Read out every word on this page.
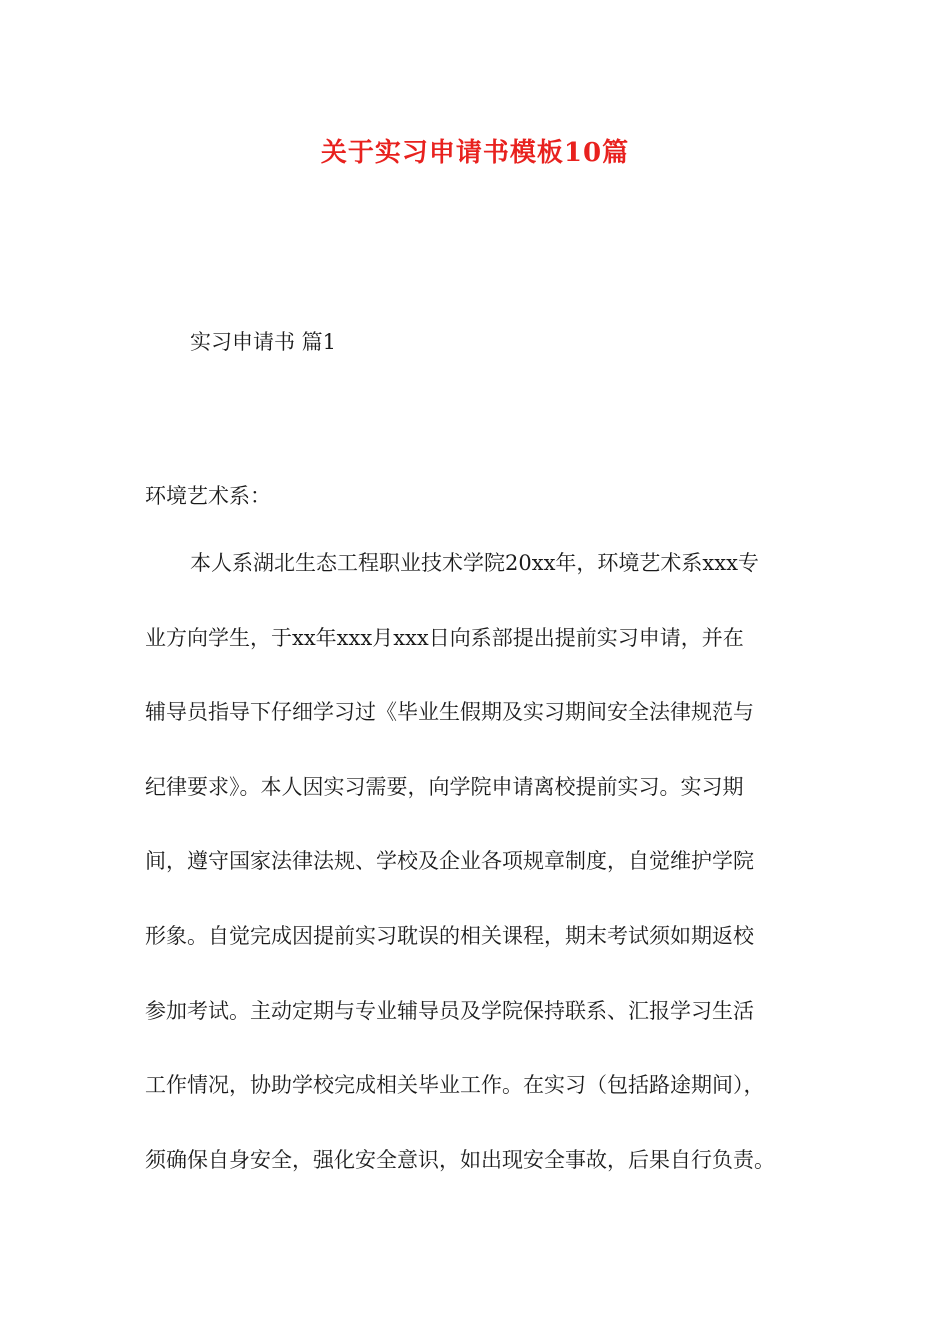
关于实习申请书模板10篇
实习申请书 篇1
环境艺术系：
本人系湖北生态工程职业技术学院20xx年，环境艺术系xxx专
业方向学生，于xx年xxx月xxx日向系部提出提前实习申请，并在
辅导员指导下仔细学习过《毕业生假期及实习期间安全法律规范与
纪律要求》。本人因实习需要，向学院申请离校提前实习。实习期
间，遵守国家法律法规、学校及企业各项规章制度，自觉维护学院
形象。自觉完成因提前实习耽误的相关课程，期末考试须如期返校
参加考试。主动定期与专业辅导员及学院保持联系、汇报学习生活
工作情况，协助学校完成相关毕业工作。在实习（包括路途期间），
须确保自身安全，强化安全意识，如出现安全事故，后果自行负责。
